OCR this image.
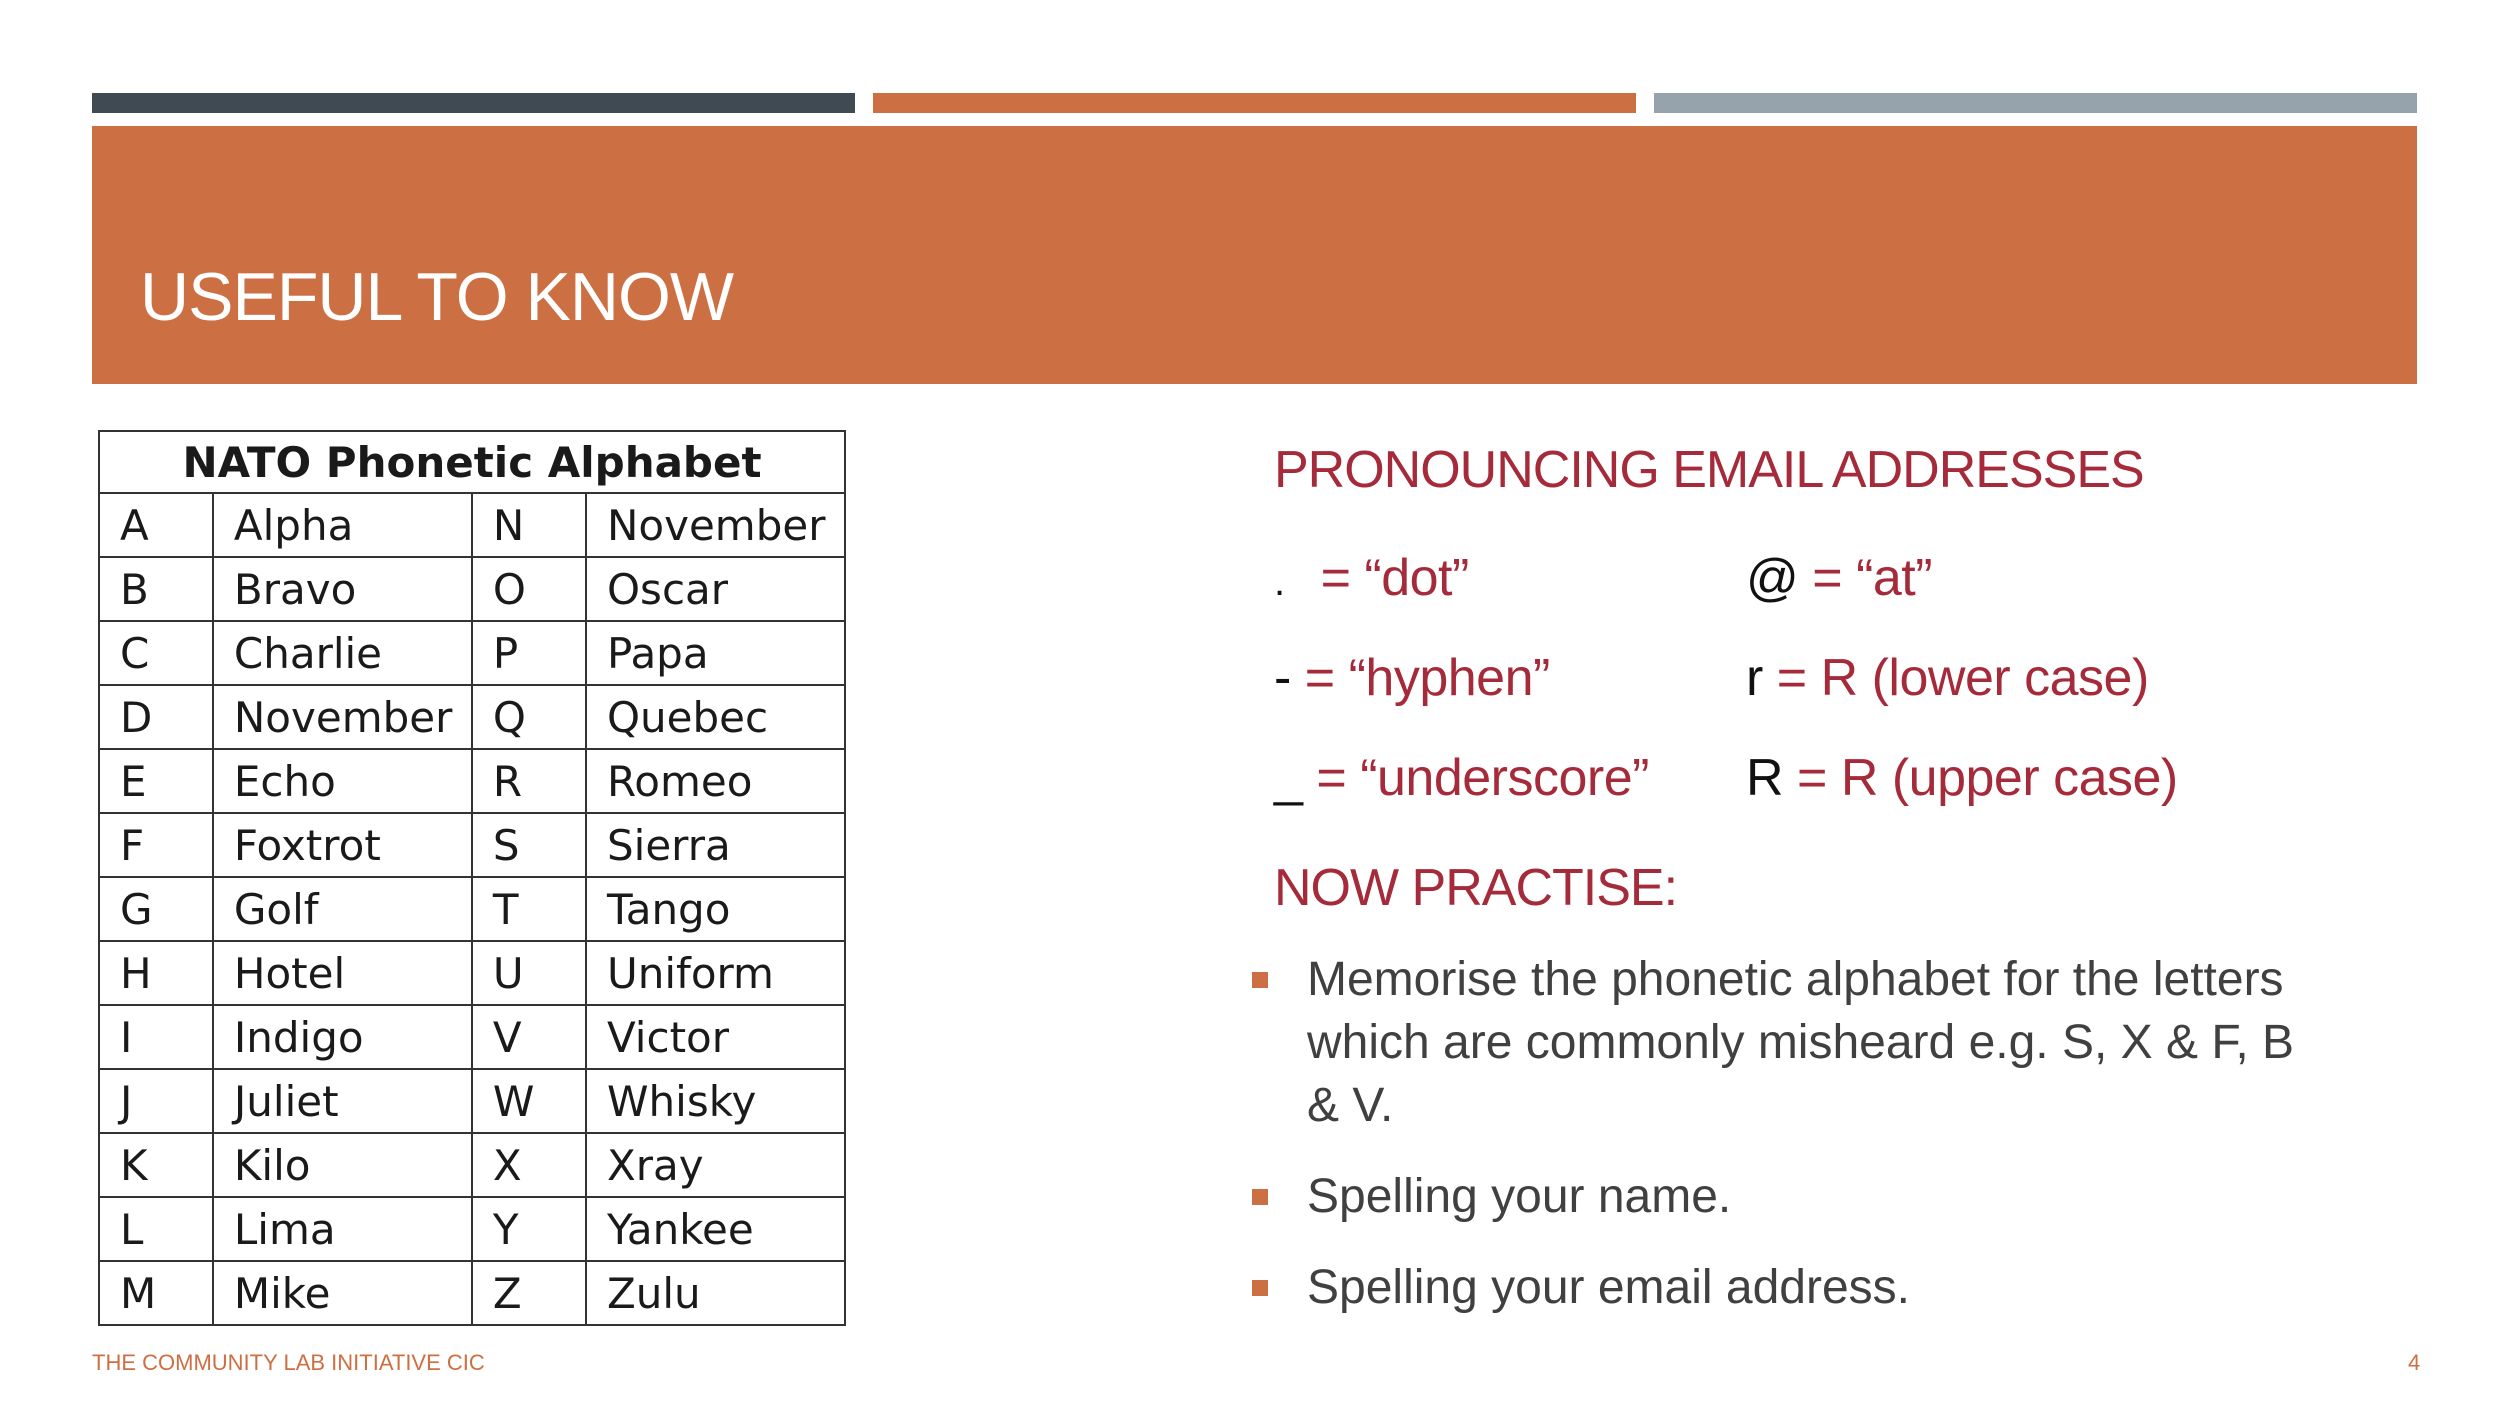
USEFUL TO KNOW
NATO Phonetic Alphabet			
A	Alpha	N	November
B	Bravo	O	Oscar
C	Charlie	P	Papa
D	November	Q	Quebec
E	Echo	R	Romeo
F	Foxtrot	S	Sierra
G	Golf	T	Tango
H	Hotel	U	Uniform
I	Indigo	V	Victor
J	Juliet	W	Whisky
K	Kilo	X	Xray
L	Lima	Y	Yankee
M	Mike	Z	Zulu
PRONOUNCING EMAIL ADDRESSES
. = “dot”	@ = “at”
- = “hyphen”	r = R (lower case)
_ = “underscore” R = R (upper case)
NOW PRACTISE:
Memorise the phonetic alphabet for the letters which are commonly misheard e.g. S, X & F, B & V.
Spelling your name.
Spelling your email address.
THE COMMUNITY LAB INITIATIVE CIC	4
